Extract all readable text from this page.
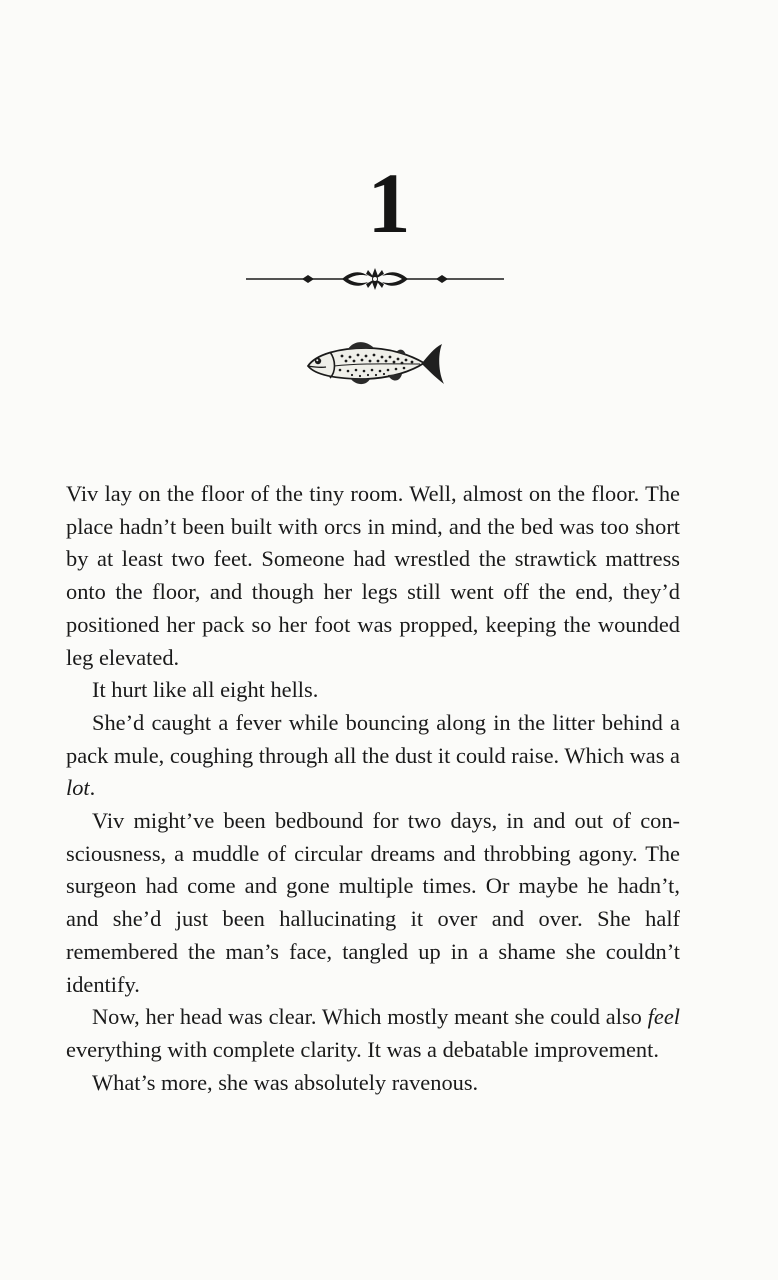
1

Viv lay on the floor of the tiny room. Well, almost on the floor. The place hadn’t been built with orcs in mind, and the bed was too short by at least two feet. Someone had wrestled the strawtick mattress onto the floor, and though her legs still went off the end, they’d positioned her pack so her foot was propped, keeping the wounded leg elevated.

It hurt like all eight hells.

She’d caught a fever while bouncing along in the litter behind a pack mule, coughing through all the dust it could raise. Which was a lot.

Viv might’ve been bedbound for two days, in and out of consciousness, a muddle of circular dreams and throbbing agony. The surgeon had come and gone multiple times. Or maybe he hadn’t, and she’d just been hallucinating it over and over. She half remembered the man’s face, tangled up in a shame she couldn’t identify.

Now, her head was clear. Which mostly meant she could also feel everything with complete clarity. It was a debatable improvement.

What’s more, she was absolutely ravenous.
